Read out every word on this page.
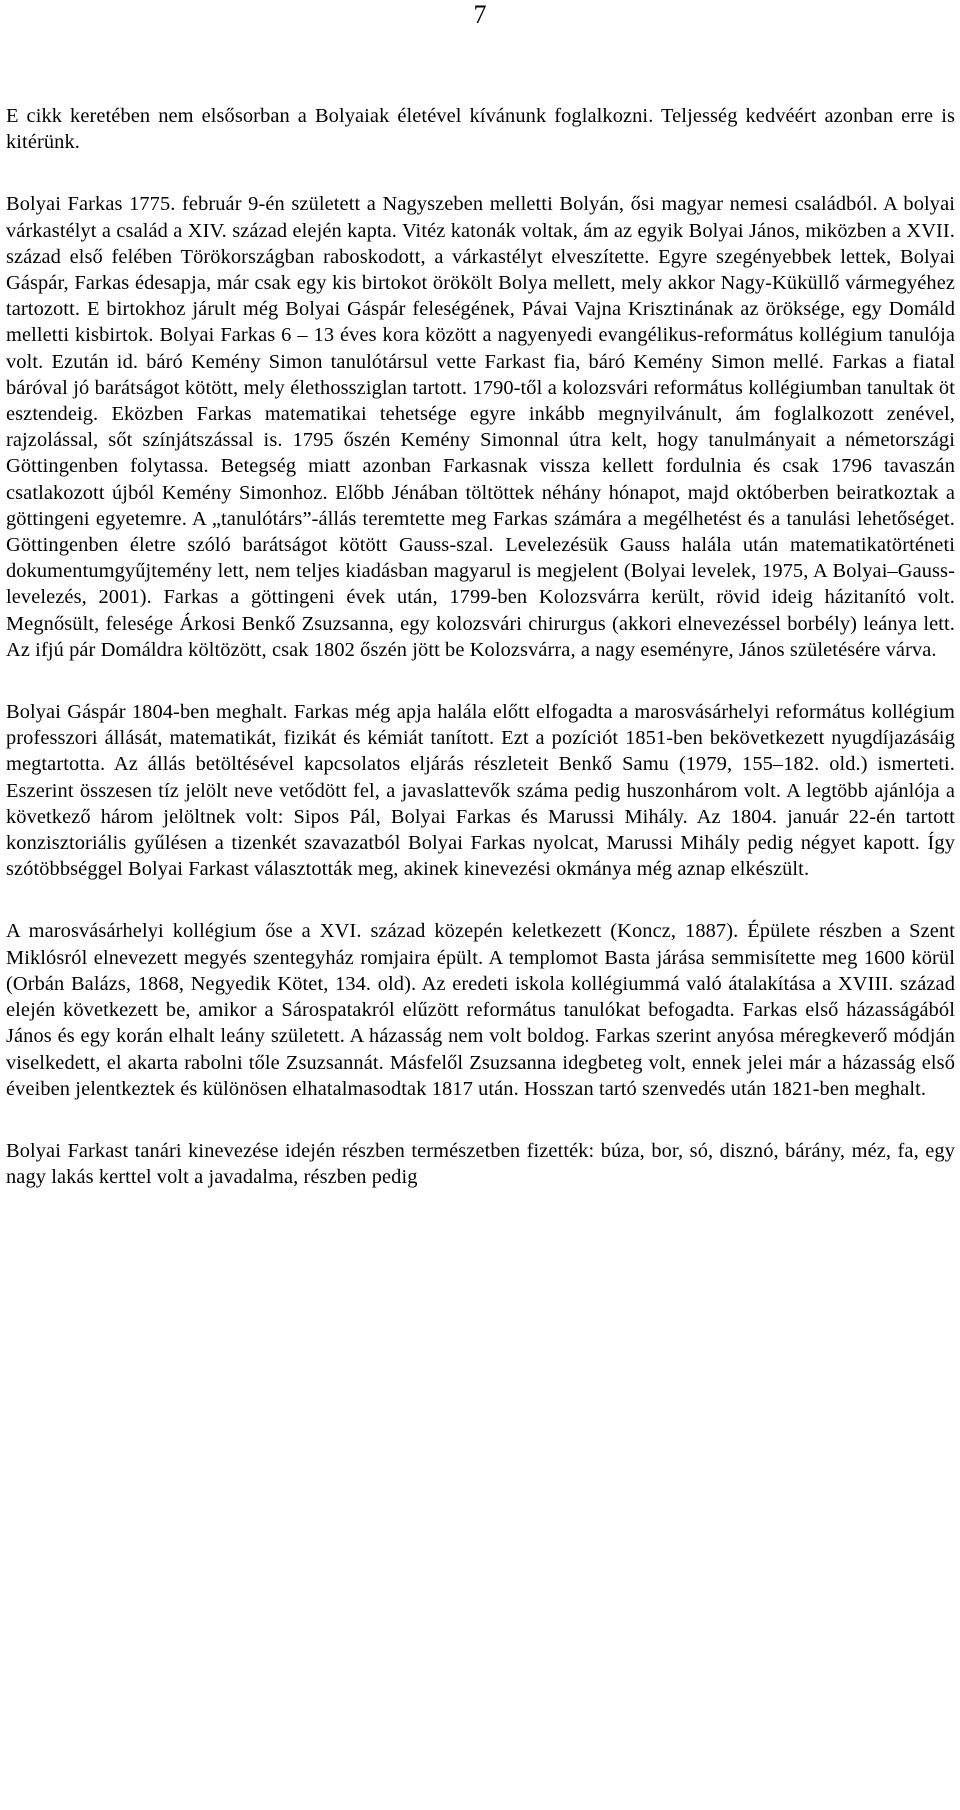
7

E cikk keretében nem elsősorban a Bolyaiak életével kívánunk foglalkozni. Teljesség kedvéért azonban erre is kitérünk.

Bolyai Farkas 1775. február 9-én született a Nagyszeben melletti Bolyán, ősi magyar nemesi családból. A bolyai várkastélyt a család a XIV. század elején kapta. Vitéz katonák voltak, ám az egyik Bolyai János, miközben a XVII. század első felében Törökországban raboskodott, a várkastélyt elveszítette. Egyre szegényebbek lettek, Bolyai Gáspár, Farkas édesapja, már csak egy kis birtokot örökölt Bolya mellett, mely akkor Nagy-Küküllő vármegyéhez tartozott. E birtokhoz járult még Bolyai Gáspár feleségének, Pávai Vajna Krisztinának az öröksége, egy Domáld melletti kisbirtok. Bolyai Farkas 6 – 13 éves kora között a nagyenyedi evangélikus-református kollégium tanulója volt. Ezután id. báró Kemény Simon tanulótársul vette Farkast fia, báró Kemény Simon mellé. Farkas a fiatal báróval jó barátságot kötött, mely élethossziglan tartott. 1790-től a kolozsvári református kollégiumban tanultak öt esztendeig. Eközben Farkas matematikai tehetsége egyre inkább megnyilvánult, ám foglalkozott zenével, rajzolással, sőt színjátszással is. 1795 őszén Kemény Simonnal útra kelt, hogy tanulmányait a németországi Göttingenben folytassa. Betegség miatt azonban Farkasnak vissza kellett fordulnia és csak 1796 tavaszán csatlakozott újból Kemény Simonhoz. Előbb Jénában töltöttek néhány hónapot, majd októberben beiratkoztak a göttingeni egyetemre. A „tanulótárs”-állás teremtette meg Farkas számára a megélhetést és a tanulási lehetőséget. Göttingenben életre szóló barátságot kötött Gauss-szal. Levelezésük Gauss halála után matematikatörténeti dokumentumgyűjtemény lett, nem teljes kiadásban magyarul is megjelent (Bolyai levelek, 1975, A Bolyai–Gauss-levelezés, 2001). Farkas a göttingeni évek után, 1799-ben Kolozsvárra került, rövid ideig házitanító volt. Megnősült, felesége Árkosi Benkő Zsuzsanna, egy kolozsvári chirurgus (akkori elnevezéssel borbély) leánya lett. Az ifjú pár Domáldra költözött, csak 1802 őszén jött be Kolozsvárra, a nagy eseményre, János születésére várva.

Bolyai Gáspár 1804-ben meghalt. Farkas még apja halála előtt elfogadta a marosvásárhelyi református kollégium professzori állását, matematikát, fizikát és kémiát tanított. Ezt a pozíciót 1851-ben bekövetkezett nyugdíjazásáig megtartotta. Az állás betöltésével kapcsolatos eljárás részleteit Benkő Samu (1979, 155–182. old.) ismerteti. Eszerint összesen tíz jelölt neve vetődött fel, a javaslattevők száma pedig huszonhárom volt. A legtöbb ajánlója a következő három jelöltnek volt: Sipos Pál, Bolyai Farkas és Marussi Mihály. Az 1804. január 22-én tartott konzisztoriális gyűlésen a tizenkét szavazatból Bolyai Farkas nyolcat, Marussi Mihály pedig négyet kapott. Így szótöbbséggel Bolyai Farkast választották meg, akinek kinevezési okmánya még aznap elkészült.

A marosvásárhelyi kollégium őse a XVI. század közepén keletkezett (Koncz, 1887). Épülete részben a Szent Miklósról elnevezett megyés szentegyház romjaira épült. A templomot Basta járása semmisítette meg 1600 körül (Orbán Balázs, 1868, Negyedik Kötet, 134. old). Az eredeti iskola kollégiummá való átalakítása a XVIII. század elején következett be, amikor a Sárospatakról elűzött református tanulókat befogadta. Farkas első házasságából János és egy korán elhalt leány született. A házasság nem volt boldog. Farkas szerint anyósa méregkeverő módján viselkedett, el akarta rabolni tőle Zsuzsannát. Másfelől Zsuzsanna idegbeteg volt, ennek jelei már a házasság első éveiben jelentkeztek és különösen elhatalmasodtak 1817 után. Hosszan tartó szenvedés után 1821-ben meghalt.

Bolyai Farkast tanári kinevezése idején részben természetben fizették: búza, bor, só, disznó, bárány, méz, fa, egy nagy lakás kerttel volt a javadalma, részben pedig
